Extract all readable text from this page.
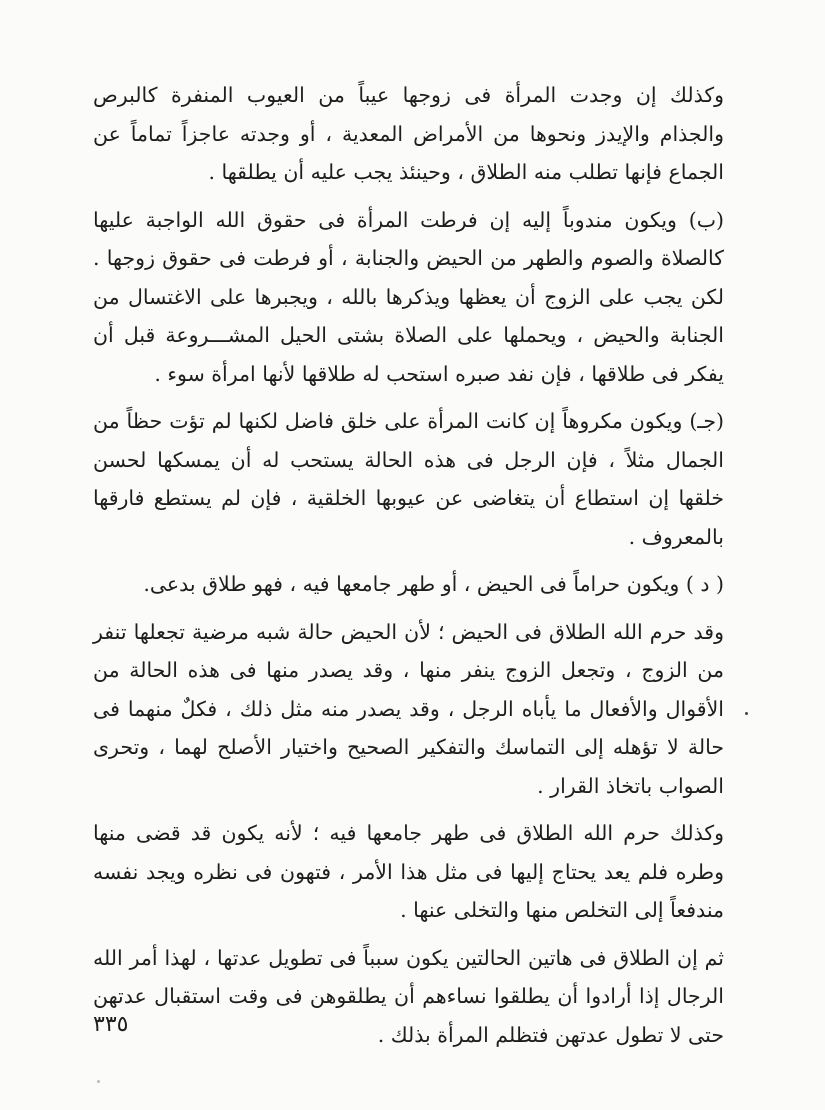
وكذلك إن وجدت المرأة فى زوجها عيباً من العيوب المنفرة كالبرص والجذام والإيدز ونحوها من الأمراض المعدية ، أو وجدته عاجزاً تماماً عن الجماع فإنها تطلب منه الطلاق ، وحينئذ يجب عليه أن يطلقها .

(ب) ويكون مندوباً إليه إن فرطت المرأة فى حقوق الله الواجبة عليها كالصلاة والصوم والطهر من الحيض والجنابة ، أو فرطت فى حقوق زوجها . لكن يجب على الزوج أن يعظها ويذكرها بالله ، ويجبرها على الاغتسال من الجنابة والحيض ، ويحملها على الصلاة بشتى الحيل المشـــروعة قبل أن يفكر فى طلاقها ، فإن نفد صبره استحب له طلاقها لأنها امرأة سوء .

(جـ) ويكون مكروهاً إن كانت المرأة على خلق فاضل لكنها لم تؤت حظاً من الجمال مثلاً ، فإن الرجل فى هذه الحالة يستحب له أن يمسكها لحسن خلقها إن استطاع أن يتغاضى عن عيوبها الخلقية ، فإن لم يستطع فارقها بالمعروف .

( د ) ويكون حراماً فى الحيض ، أو طهر جامعها فيه ، فهو طلاق بدعى.

وقد حرم الله الطلاق فى الحيض ؛ لأن الحيض حالة شبه مرضية تجعلها تنفر من الزوج ، وتجعل الزوج ينفر منها ، وقد يصدر منها فى هذه الحالة من الأقوال والأفعال ما يأباه الرجل ، وقد يصدر منه مثل ذلك ، فكلٌ منهما فى حالة لا تؤهله إلى التماسك والتفكير الصحيح واختيار الأصلح لهما ، وتحرى الصواب باتخاذ القرار .

وكذلك حرم الله الطلاق فى طهر جامعها فيه ؛ لأنه يكون قد قضى منها وطره فلم يعد يحتاج إليها فى مثل هذا الأمر ، فتهون فى نظره ويجد نفسه مندفعاً إلى التخلص منها والتخلى عنها .

ثم إن الطلاق فى هاتين الحالتين يكون سبباً فى تطويل عدتها ، لهذا أمر الله الرجال إذا أرادوا أن يطلقوا نساءهم أن يطلقوهن فى وقت استقبال عدتهن حتى لا تطول عدتهن فتظلم المرأة بذلك .

٣٣٥
